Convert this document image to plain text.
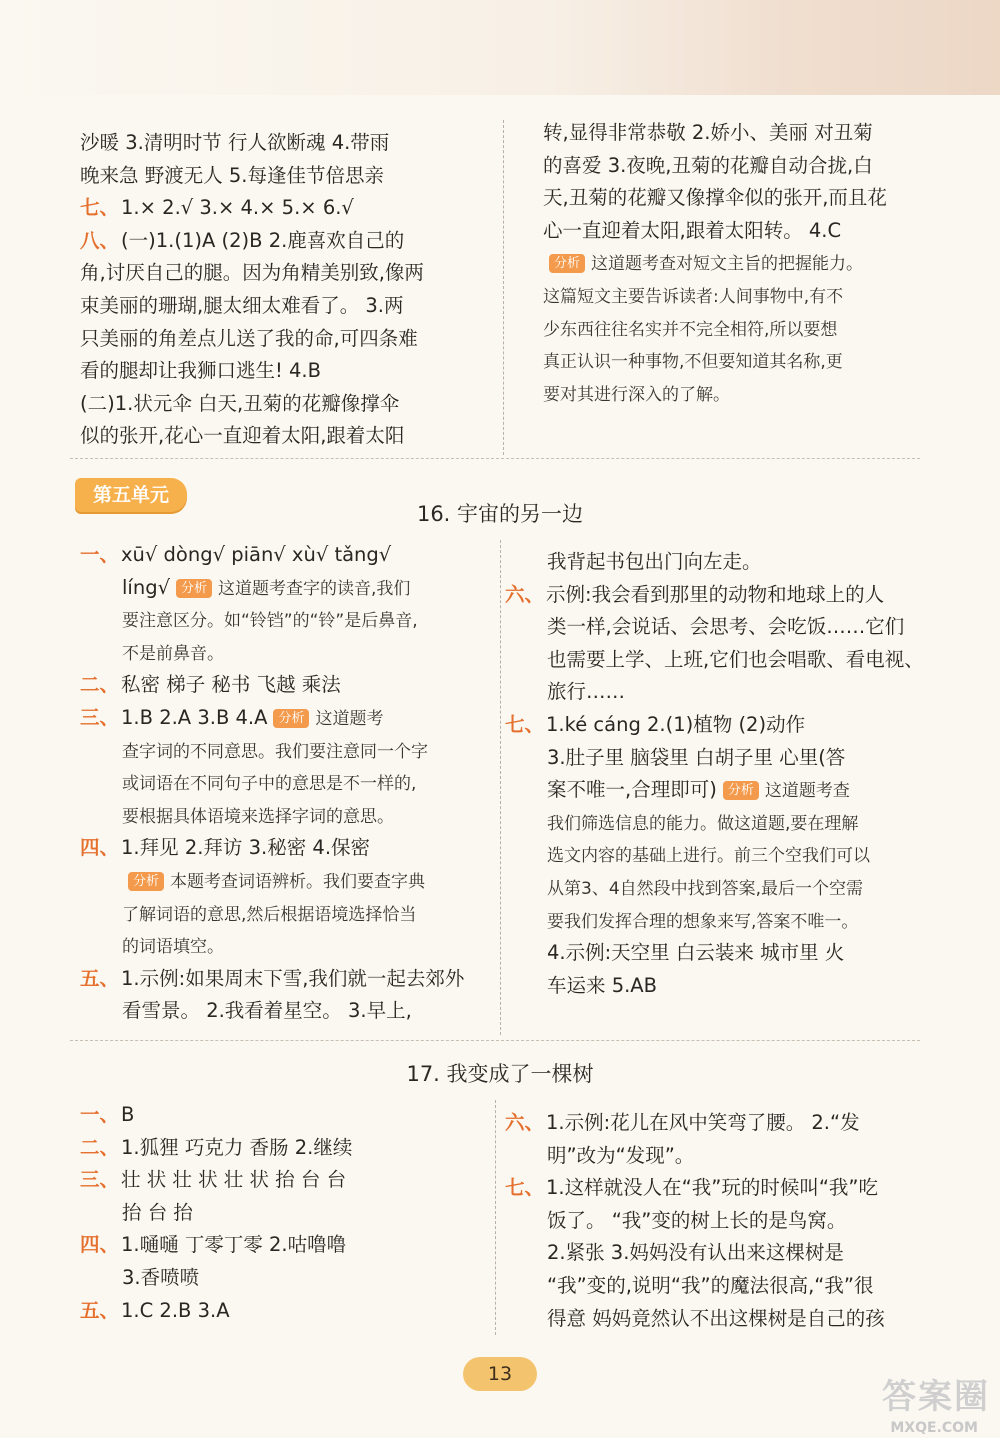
沙暖 3.清明时节 行人欲断魂 4.带雨
晚来急 野渡无人 5.每逢佳节倍思亲
七、 1.× 2.√ 3.× 4.× 5.× 6.√
八、 (一)1.(1)A (2)B 2.鹿喜欢自己的
角,讨厌自己的腿。因为角精美别致,像两
束美丽的珊瑚,腿太细太难看了。 3.两
只美丽的角差点儿送了我的命,可四条难
看的腿却让我狮口逃生! 4.B
(二)1.状元伞 白天,丑菊的花瓣像撑伞
似的张开,花心一直迎着太阳,跟着太阳
转,显得非常恭敬 2.娇小、美丽 对丑菊
的喜爱 3.夜晚,丑菊的花瓣自动合拢,白
天,丑菊的花瓣又像撑伞似的张开,而且花
心一直迎着太阳,跟着太阳转。 4.C
分析 这道题考查对短文主旨的把握能力。
这篇短文主要告诉读者:人间事物中,有不
少东西往往名实并不完全相符,所以要想
真正认识一种事物,不但要知道其名称,更
要对其进行深入的了解。
第五单元
16. 宇宙的另一边
一、 xū√ dòng√ piān√ xù√ tǎng√
líng√ 分析 这道题考查字的读音,我们
要注意区分。如“铃铛”的“铃”是后鼻音,
不是前鼻音。
二、 私密 梯子 秘书 飞越 乘法
三、 1.B 2.A 3.B 4.A 分析 这道题考
查字词的不同意思。我们要注意同一个字
或词语在不同句子中的意思是不一样的,
要根据具体语境来选择字词的意思。
四、 1.拜见 2.拜访 3.秘密 4.保密
分析 本题考查词语辨析。我们要查字典
了解词语的意思,然后根据语境选择恰当
的词语填空。
五、 1.示例:如果周末下雪,我们就一起去郊外
看雪景。 2.我看着星空。 3.早上,
我背起书包出门向左走。
六、 示例:我会看到那里的动物和地球上的人
类一样,会说话、会思考、会吃饭……它们
也需要上学、上班,它们也会唱歌、看电视、
旅行……
七、 1.ké cáng 2.(1)植物 (2)动作
3.肚子里 脑袋里 白胡子里 心里(答
案不唯一,合理即可) 分析 这道题考查
我们筛选信息的能力。做这道题,要在理解
选文内容的基础上进行。前三个空我们可以
从第3、4自然段中找到答案,最后一个空需
要我们发挥合理的想象来写,答案不唯一。
4.示例:天空里 白云装来 城市里 火
车运来 5.AB
17. 我变成了一棵树
一、 B
二、 1.狐狸 巧克力 香肠 2.继续
三、 壮 状 壮 状 壮 状 抬 台 台
抬 台 抬
四、 1.嗵嗵 丁零丁零 2.咕噜噜
3.香喷喷
五、 1.C 2.B 3.A
六、 1.示例:花儿在风中笑弯了腰。 2.“发
明”改为“发现”。
七、 1.这样就没人在“我”玩的时候叫“我”吃
饭了。 “我”变的树上长的是鸟窝。
2.紧张 3.妈妈没有认出来这棵树是
“我”变的,说明“我”的魔法很高,“我”很
得意 妈妈竟然认不出这棵树是自己的孩
13
答案圈
MXQE.COM
